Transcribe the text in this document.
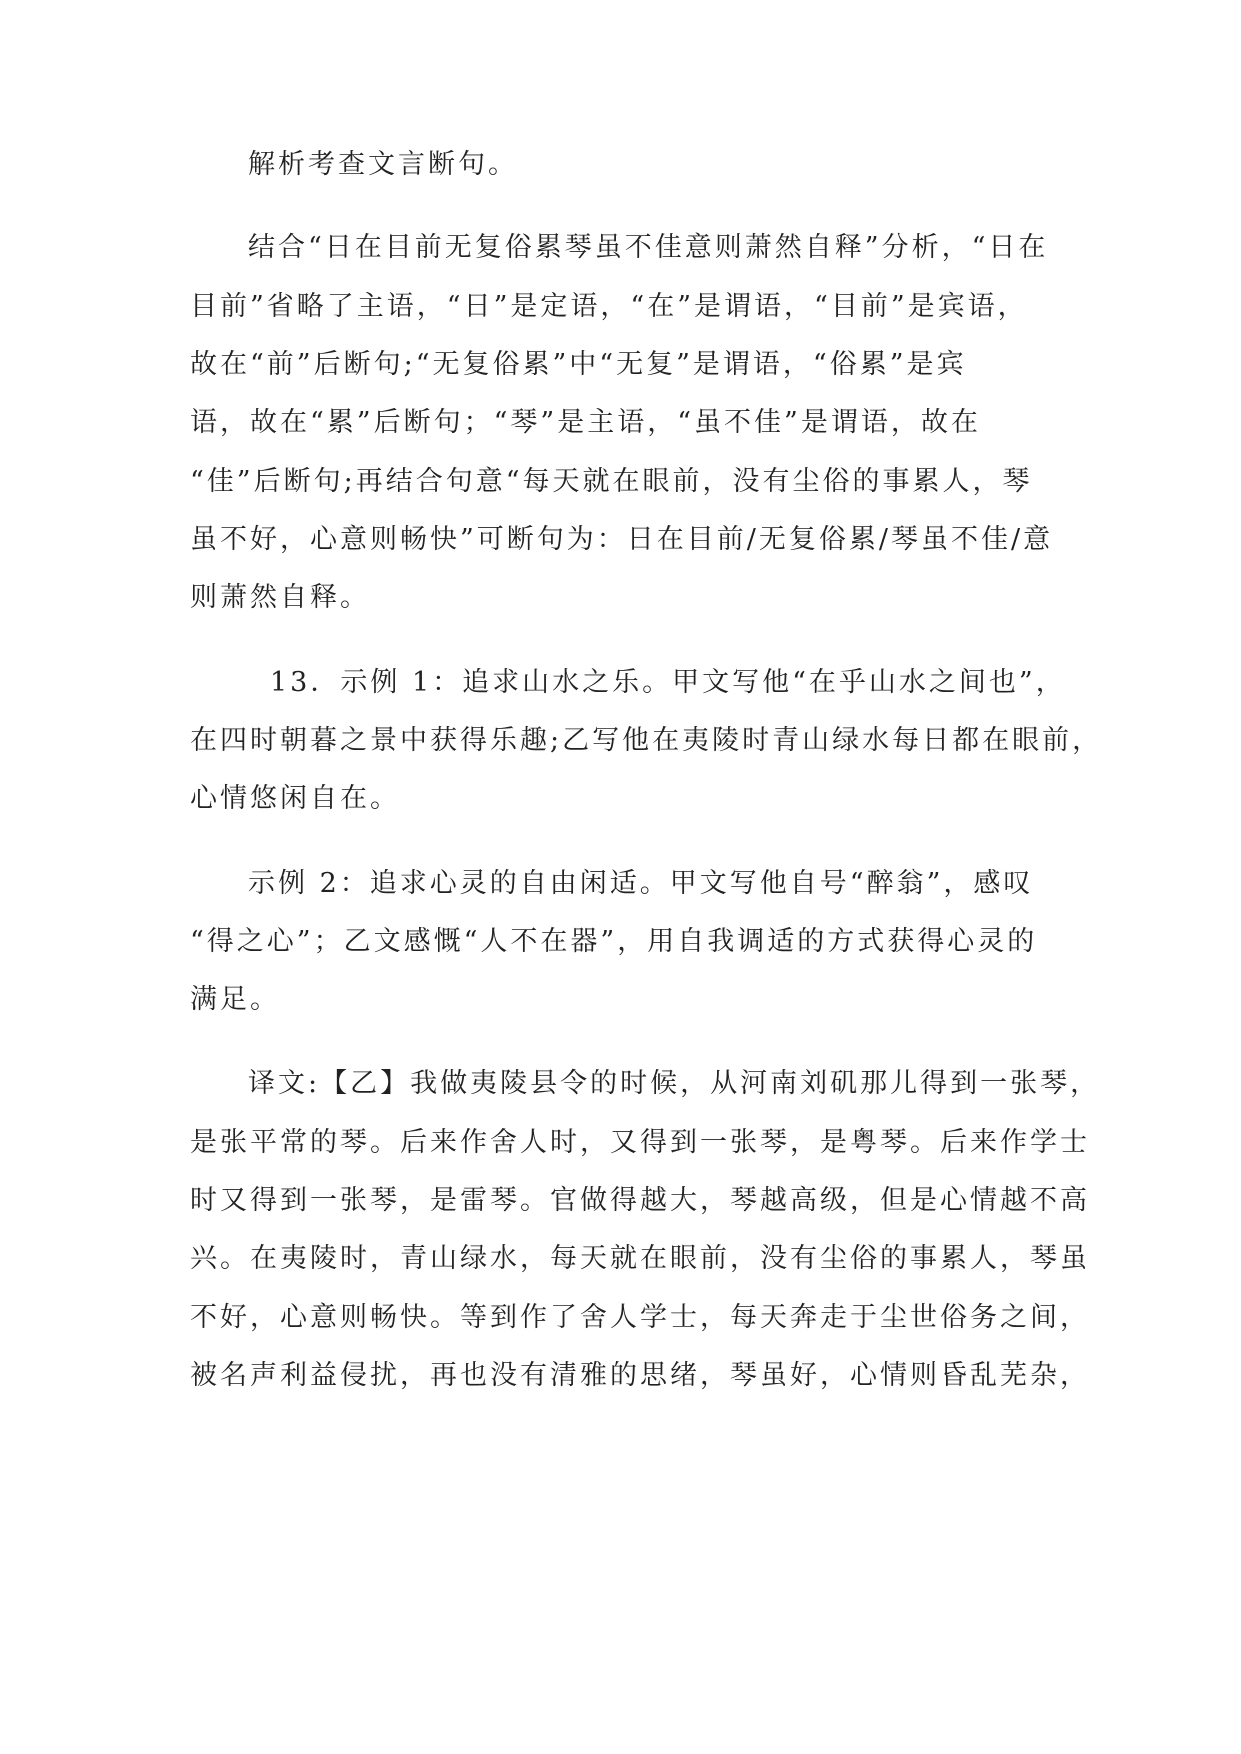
解析考查文言断句。
结合“日在目前无复俗累琴虽不佳意则萧然自释”分析，“日在
目前”省略了主语，“日”是定语，“在”是谓语，“目前”是宾语，
故在“前”后断句;“无复俗累”中“无复”是谓语，“俗累”是宾
语，故在“累”后断句；“琴”是主语，“虽不佳”是谓语，故在
“佳”后断句;再结合句意“每天就在眼前，没有尘俗的事累人，琴
虽不好，心意则畅快”可断句为：日在目前/无复俗累/琴虽不佳/意
则萧然自释。
13．示例 1：追求山水之乐。甲文写他“在乎山水之间也”，
在四时朝暮之景中获得乐趣;乙写他在夷陵时青山绿水每日都在眼前，
心情悠闲自在。
示例 2：追求心灵的自由闲适。甲文写他自号“醉翁”，感叹
“得之心”；乙文感慨“人不在器”，用自我调适的方式获得心灵的
满足。
译文:【乙】我做夷陵县令的时候，从河南刘矶那儿得到一张琴，
是张平常的琴。后来作舍人时，又得到一张琴，是粤琴。后来作学士
时又得到一张琴，是雷琴。官做得越大，琴越高级，但是心情越不高
兴。在夷陵时，青山绿水，每天就在眼前，没有尘俗的事累人，琴虽
不好，心意则畅快。等到作了舍人学士，每天奔走于尘世俗务之间，
被名声利益侵扰，再也没有清雅的思绪，琴虽好，心情则昏乱芜杂，
